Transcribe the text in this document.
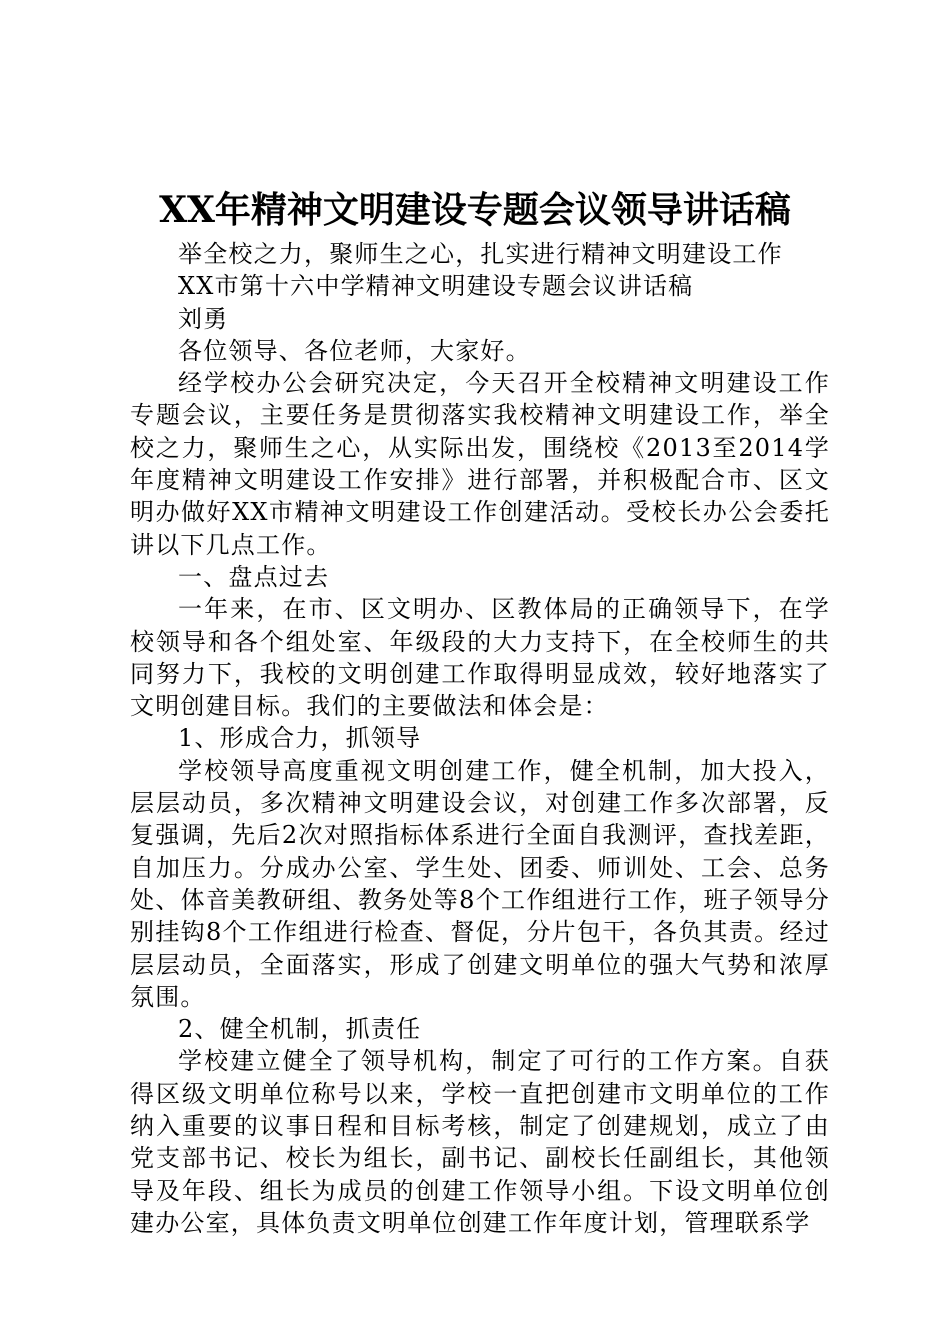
XX年精神文明建设专题会议领导讲话稿

举全校之力，聚师生之心，扎实进行精神文明建设工作

XX市第十六中学精神文明建设专题会议讲话稿

刘勇

各位领导、各位老师，大家好。

经学校办公会研究决定，今天召开全校精神文明建设工作专题会议，主要任务是贯彻落实我校精神文明建设工作，举全校之力，聚师生之心，从实际出发，围绕校《2013至2014学年度精神文明建设工作安排》进行部署，并积极配合市、区文明办做好XX市精神文明建设工作创建活动。受校长办公会委托讲以下几点工作。

一、盘点过去

一年来，在市、区文明办、区教体局的正确领导下，在学校领导和各个组处室、年级段的大力支持下，在全校师生的共同努力下，我校的文明创建工作取得明显成效，较好地落实了文明创建目标。我们的主要做法和体会是：

1、形成合力，抓领导

学校领导高度重视文明创建工作，健全机制，加大投入，层层动员，多次精神文明建设会议，对创建工作多次部署，反复强调，先后2次对照指标体系进行全面自我测评，查找差距，自加压力。分成办公室、学生处、团委、师训处、工会、总务处、体音美教研组、教务处等8个工作组进行工作，班子领导分别挂钩8个工作组进行检查、督促，分片包干，各负其责。经过层层动员，全面落实，形成了创建文明单位的强大气势和浓厚氛围。

2、健全机制，抓责任

学校建立健全了领导机构，制定了可行的工作方案。自获得区级文明单位称号以来，学校一直把创建市文明单位的工作纳入重要的议事日程和目标考核，制定了创建规划，成立了由党支部书记、校长为组长，副书记、副校长任副组长，其他领导及年段、组长为成员的创建工作领导小组。下设文明单位创建办公室，具体负责文明单位创建工作年度计划，管理联系学
